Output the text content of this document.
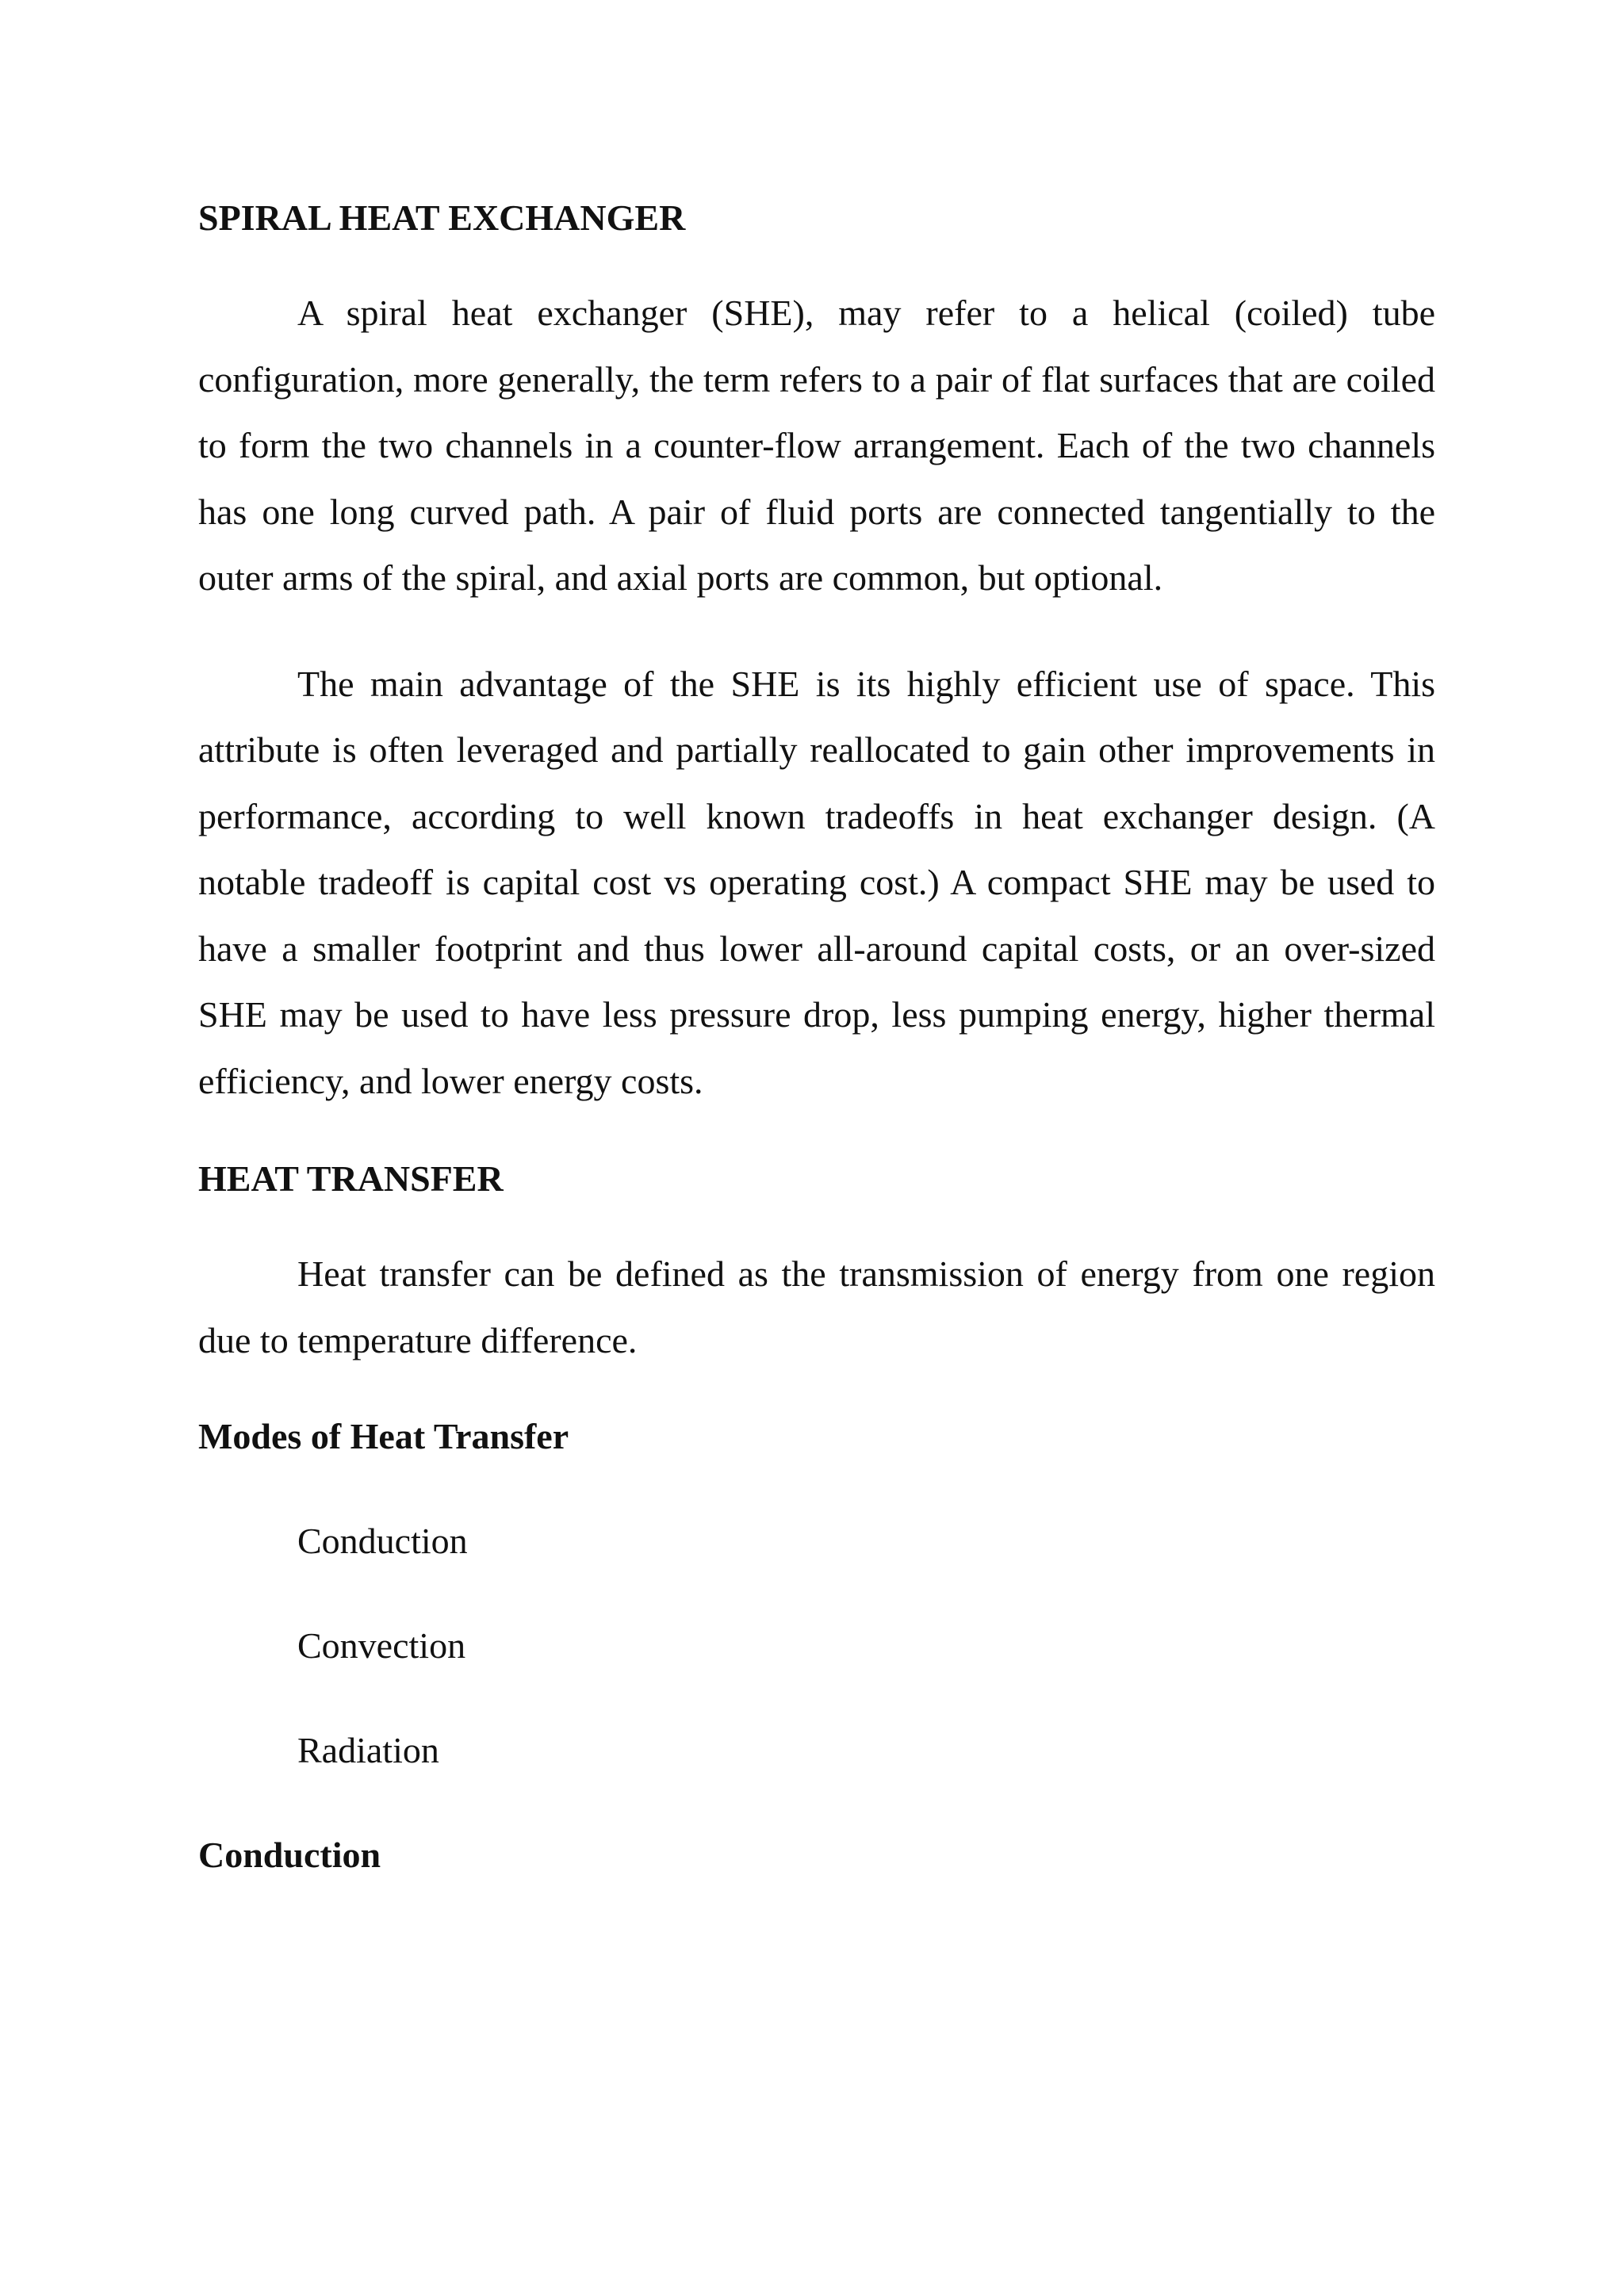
SPIRAL HEAT EXCHANGER

A spiral heat exchanger (SHE), may refer to a helical (coiled) tube configuration, more generally, the term refers to a pair of flat surfaces that are coiled to form the two channels in a counter-flow arrangement. Each of the two channels has one long curved path. A pair of fluid ports are connected tangentially to the outer arms of the spiral, and axial ports are common, but optional.

The main advantage of the SHE is its highly efficient use of space. This attribute is often leveraged and partially reallocated to gain other improvements in performance, according to well known tradeoffs in heat exchanger design. (A notable tradeoff is capital cost vs operating cost.) A compact SHE may be used to have a smaller footprint and thus lower all-around capital costs, or an over-sized SHE may be used to have less pressure drop, less pumping energy, higher thermal efficiency, and lower energy costs.

HEAT TRANSFER

Heat transfer can be defined as the transmission of energy from one region due to temperature difference.

Modes of Heat Transfer

Conduction

Convection

Radiation

Conduction
